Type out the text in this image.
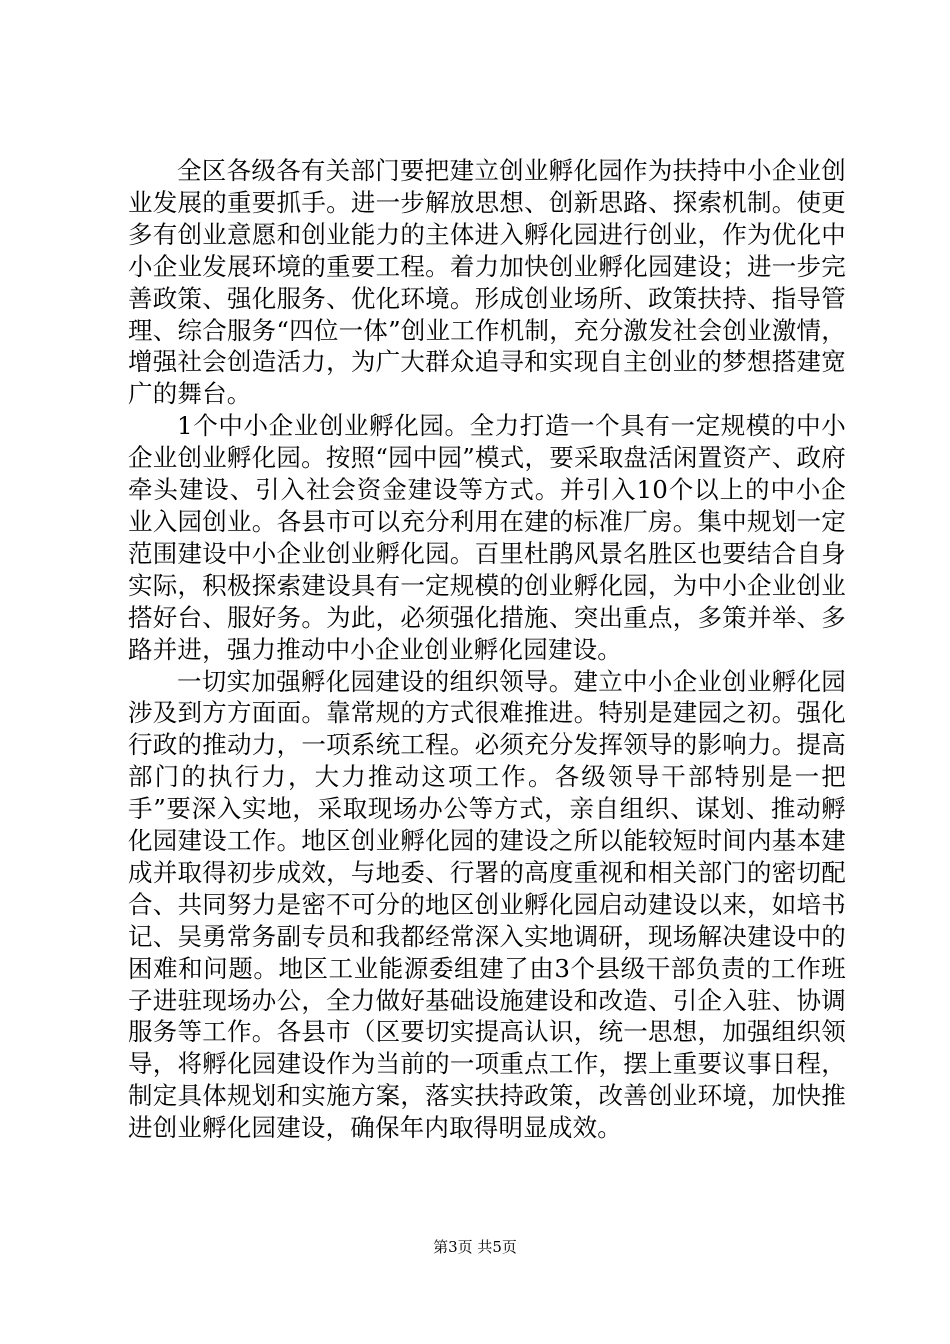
全区各级各有关部门要把建立创业孵化园作为扶持中小企业创业发展的重要抓手。进一步解放思想、创新思路、探索机制。使更多有创业意愿和创业能力的主体进入孵化园进行创业，作为优化中小企业发展环境的重要工程。着力加快创业孵化园建设；进一步完善政策、强化服务、优化环境。形成创业场所、政策扶持、指导管理、综合服务“四位一体”创业工作机制，充分激发社会创业激情，增强社会创造活力，为广大群众追寻和实现自主创业的梦想搭建宽广的舞台。

1个中小企业创业孵化园。全力打造一个具有一定规模的中小企业创业孵化园。按照“园中园”模式，要采取盘活闲置资产、政府牵头建设、引入社会资金建设等方式。并引入10个以上的中小企业入园创业。各县市可以充分利用在建的标准厂房。集中规划一定范围建设中小企业创业孵化园。百里杜鹃风景名胜区也要结合自身实际，积极探索建设具有一定规模的创业孵化园，为中小企业创业搭好台、服好务。为此，必须强化措施、突出重点，多策并举、多路并进，强力推动中小企业创业孵化园建设。

一切实加强孵化园建设的组织领导。建立中小企业创业孵化园涉及到方方面面。靠常规的方式很难推进。特别是建园之初。强化行政的推动力，一项系统工程。必须充分发挥领导的影响力。提高部门的执行力，大力推动这项工作。各级领导干部特别是一把手”要深入实地，采取现场办公等方式，亲自组织、谋划、推动孵化园建设工作。地区创业孵化园的建设之所以能较短时间内基本建成并取得初步成效，与地委、行署的高度重视和相关部门的密切配合、共同努力是密不可分的地区创业孵化园启动建设以来，如培书记、吴勇常务副专员和我都经常深入实地调研，现场解决建设中的困难和问题。地区工业能源委组建了由3个县级干部负责的工作班子进驻现场办公，全力做好基础设施建设和改造、引企入驻、协调服务等工作。各县市（区要切实提高认识，统一思想，加强组织领导，将孵化园建设作为当前的一项重点工作，摆上重要议事日程，制定具体规划和实施方案，落实扶持政策，改善创业环境，加快推进创业孵化园建设，确保年内取得明显成效。

第3页 共5页
